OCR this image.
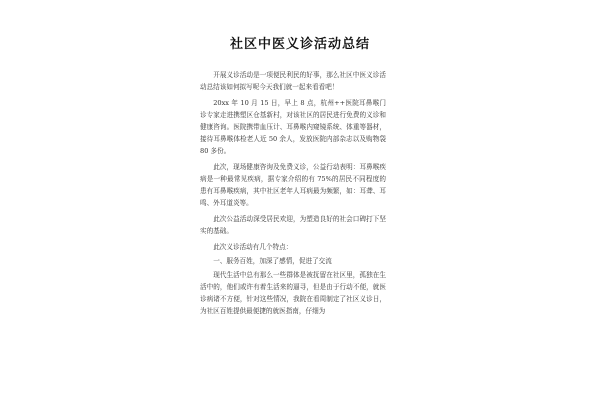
社区中医义诊活动总结

开展义诊活动是一项便民利民的好事，那么社区中医义诊活动总结该如何拟写呢今天我们就一起来看看吧！

20xx 年 10 月 15 日，早上 8 点，杭州++医院耳鼻喉门诊专家走进携塑区仓基新村，对该社区的居民进行免费的义诊和健康咨询。医院携带血压计、耳鼻喉内窥镜系统、体重等器材，接待耳鼻喉体检老人近 50 余人，发放医院内部杂志以及购物袋 80 多份。

此次，现场健康咨询及免费义诊，公益行动表明：耳鼻喉疾病是一种最常见疾病，据专家介绍的有 75%的居民不同程度的患有耳鼻喉疾病，其中社区老年人耳病最为频繁，如：耳聋、耳鸣、外耳道炎等。

此次公益活动深受居民欢迎，为塑造良好的社会口碑打下坚实的基础。

此次义诊活动有几个特点：

一、服务百姓，加深了感情，促进了交流

现代生活中总有那么一些群体是被抚留在社区里，孤独在生活中的，他们或许有着生活来的逼寻，但是由于行动不便，就医诊病诸不方便，针对这些情况，我院在看周制定了社区义诊日，为社区百姓提供最便捷的就医指南，仔细为
